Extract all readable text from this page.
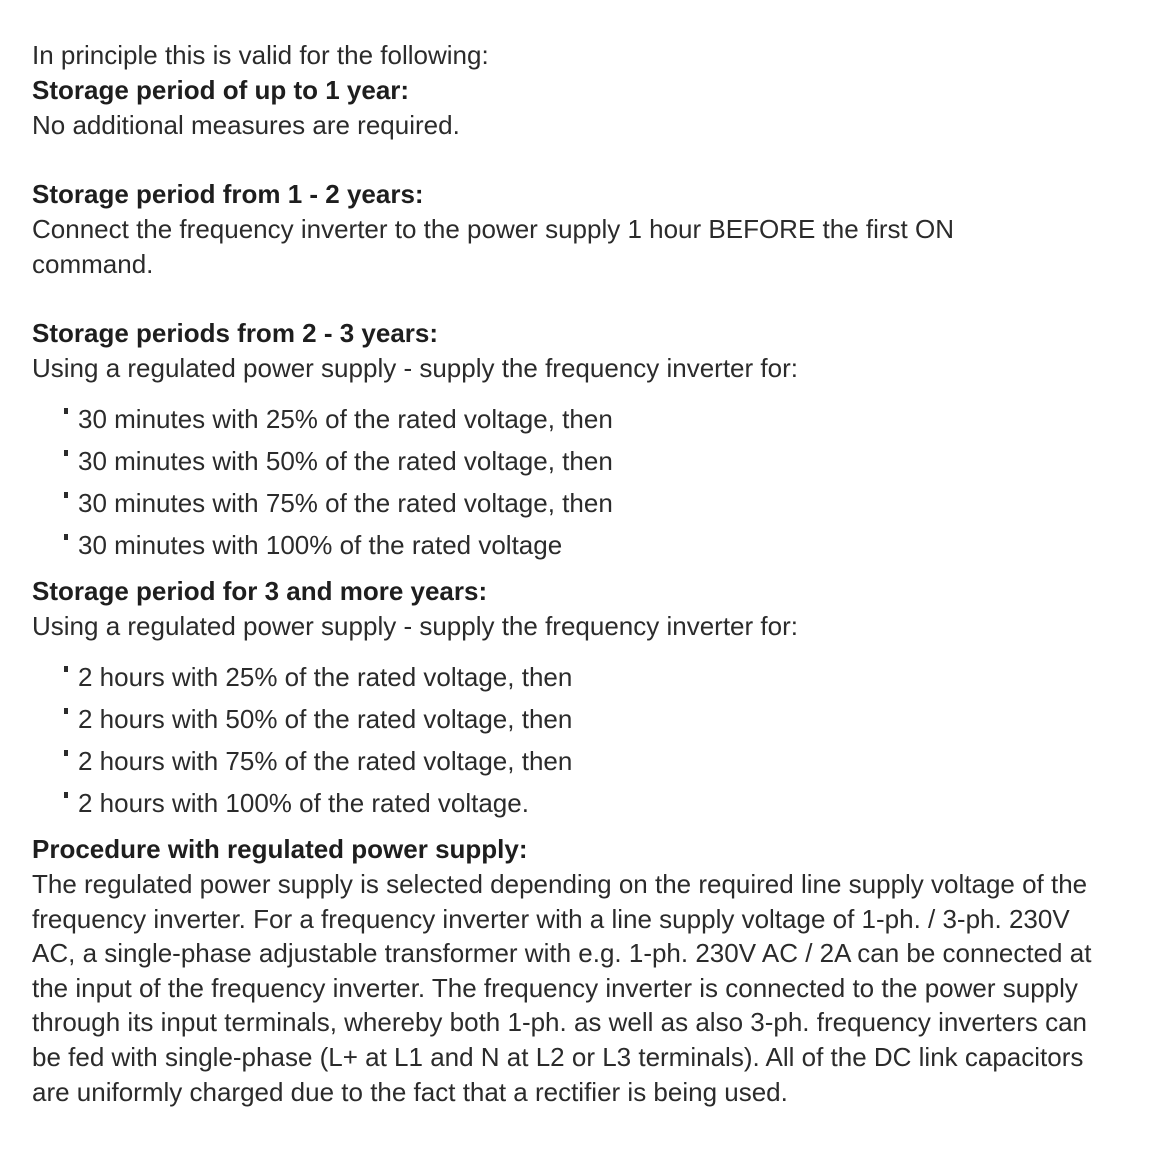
In principle this is valid for the following:
Storage period of up to 1 year:
No additional measures are required.
Storage period from 1 - 2 years:
Connect the frequency inverter to the power supply 1 hour BEFORE the first ON command.
Storage periods from 2 - 3 years:
Using a regulated power supply - supply the frequency inverter for:
30 minutes with 25% of the rated voltage, then
30 minutes with 50% of the rated voltage, then
30 minutes with 75% of the rated voltage, then
30 minutes with 100% of the rated voltage
Storage period for 3 and more years:
Using a regulated power supply - supply the frequency inverter for:
2 hours with 25% of the rated voltage, then
2 hours with 50% of the rated voltage, then
2 hours with 75% of the rated voltage, then
2 hours with 100% of the rated voltage.
Procedure with regulated power supply:
The regulated power supply is selected depending on the required line supply voltage of the frequency inverter. For a frequency inverter with a line supply voltage of 1-ph. / 3-ph. 230V AC, a single-phase adjustable transformer with e.g. 1-ph. 230V AC / 2A can be connected at the input of the frequency inverter. The frequency inverter is connected to the power supply through its input terminals, whereby both 1-ph. as well as also 3-ph. frequency inverters can be fed with single-phase (L+ at L1 and N at L2 or L3 terminals). All of the DC link capacitors are uniformly charged due to the fact that a rectifier is being used.
